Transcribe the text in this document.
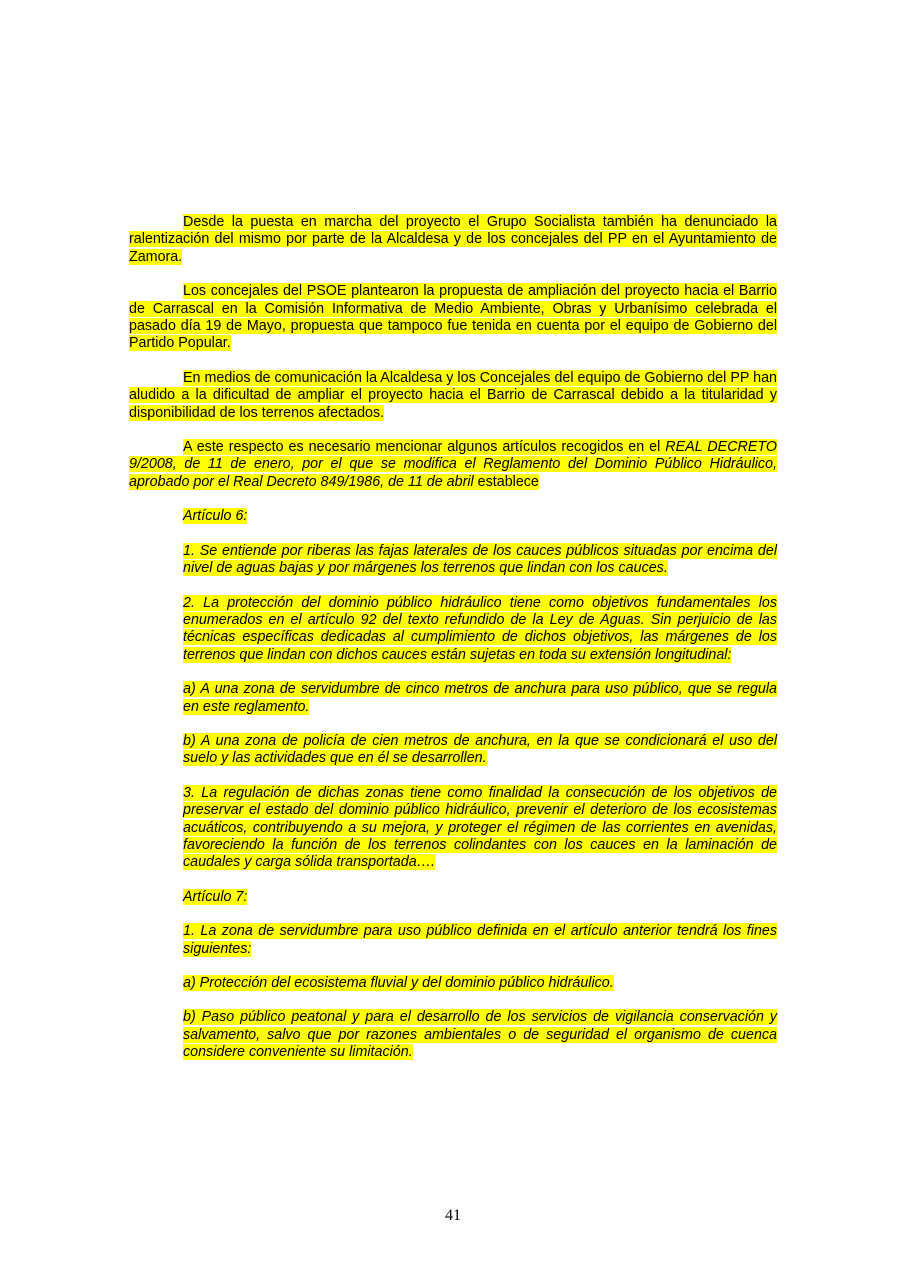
Desde la puesta en marcha del proyecto el Grupo Socialista también ha denunciado la ralentización del mismo por parte de la Alcaldesa y de los concejales del PP en el Ayuntamiento de Zamora.

Los concejales del PSOE plantearon la propuesta de ampliación del proyecto hacia el Barrio de Carrascal en la Comisión Informativa de Medio Ambiente, Obras y Urbanísimo celebrada el pasado día 19 de Mayo, propuesta que tampoco fue tenida en cuenta por el equipo de Gobierno del Partido Popular.

En medios de comunicación la Alcaldesa y los Concejales del equipo de Gobierno del PP han aludido a la dificultad de ampliar el proyecto hacia el Barrio de Carrascal debido a la titularidad y disponibilidad de los terrenos afectados.

A este respecto es necesario mencionar algunos artículos recogidos en el REAL DECRETO 9/2008, de 11 de enero, por el que se modifica el Reglamento del Dominio Público Hidráulico, aprobado por el Real Decreto 849/1986, de 11 de abril establece

Artículo 6:

1. Se entiende por riberas las fajas laterales de los cauces públicos situadas por encima del nivel de aguas bajas y por márgenes los terrenos que lindan con los cauces.

2. La protección del dominio público hidráulico tiene como objetivos fundamentales los enumerados en el artículo 92 del texto refundido de la Ley de Aguas. Sin perjuicio de las técnicas específicas dedicadas al cumplimiento de dichos objetivos, las márgenes de los terrenos que lindan con dichos cauces están sujetas en toda su extensión longitudinal:

a) A una zona de servidumbre de cinco metros de anchura para uso público, que se regula en este reglamento.

b) A una zona de policía de cien metros de anchura, en la que se condicionará el uso del suelo y las actividades que en él se desarrollen.

3. La regulación de dichas zonas tiene como finalidad la consecución de los objetivos de preservar el estado del dominio público hidráulico, prevenir el deterioro de los ecosistemas acuáticos, contribuyendo a su mejora, y proteger el régimen de las corrientes en avenidas, favoreciendo la función de los terrenos colindantes con los cauces en la laminación de caudales y carga sólida transportada….

Artículo 7:

1. La zona de servidumbre para uso público definida en el artículo anterior tendrá los fines siguientes:

a) Protección del ecosistema fluvial y del dominio público hidráulico.

b) Paso público peatonal y para el desarrollo de los servicios de vigilancia conservación y salvamento, salvo que por razones ambientales o de seguridad el organismo de cuenca considere conveniente su limitación.

41
